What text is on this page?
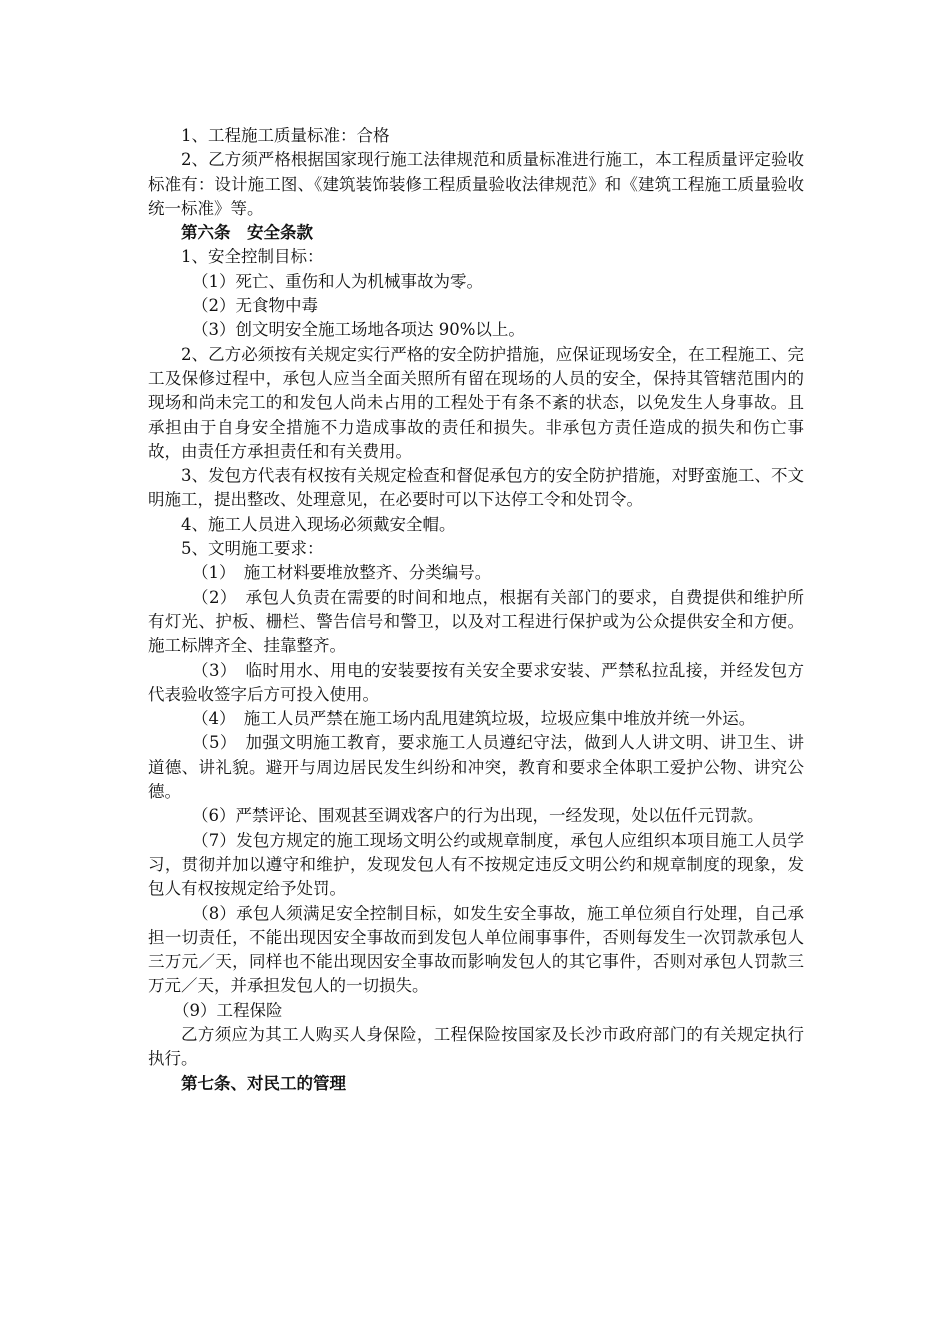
1、工程施工质量标准：合格

2、乙方须严格根据国家现行施工法律规范和质量标准进行施工，本工程质量评定验收标准有：设计施工图、《建筑装饰装修工程质量验收法律规范》和《建筑工程施工质量验收统一标准》等。

第六条　安全条款

1、安全控制目标：

（1）死亡、重伤和人为机械事故为零。

（2）无食物中毒

（3）创文明安全施工场地各项达 90%以上。

2、乙方必须按有关规定实行严格的安全防护措施，应保证现场安全，在工程施工、完工及保修过程中，承包人应当全面关照所有留在现场的人员的安全，保持其管辖范围内的现场和尚未完工的和发包人尚未占用的工程处于有条不紊的状态，以免发生人身事故。且承担由于自身安全措施不力造成事故的责任和损失。非承包方责任造成的损失和伤亡事故，由责任方承担责任和有关费用。

3、发包方代表有权按有关规定检查和督促承包方的安全防护措施，对野蛮施工、不文明施工，提出整改、处理意见，在必要时可以下达停工令和处罚令。

4、施工人员进入现场必须戴安全帽。

5、文明施工要求：

（1）　施工材料要堆放整齐、分类编号。

（2）　承包人负责在需要的时间和地点，根据有关部门的要求，自费提供和维护所有灯光、护板、栅栏、警告信号和警卫，以及对工程进行保护或为公众提供安全和方便。施工标牌齐全、挂靠整齐。

（3）　临时用水、用电的安装要按有关安全要求安装、严禁私拉乱接，并经发包方代表验收签字后方可投入使用。

（4）　施工人员严禁在施工场内乱甩建筑垃圾，垃圾应集中堆放并统一外运。

（5）　加强文明施工教育，要求施工人员遵纪守法，做到人人讲文明、讲卫生、讲道德、讲礼貌。避开与周边居民发生纠纷和冲突，教育和要求全体职工爱护公物、讲究公德。

（6）严禁评论、围观甚至调戏客户的行为出现，一经发现，处以伍仟元罚款。

（7）发包方规定的施工现场文明公约或规章制度，承包人应组织本项目施工人员学习，贯彻并加以遵守和维护，发现发包人有不按规定违反文明公约和规章制度的现象，发包人有权按规定给予处罚。

（8）承包人须满足安全控制目标，如发生安全事故，施工单位须自行处理，自己承担一切责任，不能出现因安全事故而到发包人单位闹事事件，否则每发生一次罚款承包人三万元／天，同样也不能出现因安全事故而影响发包人的其它事件，否则对承包人罚款三万元／天，并承担发包人的一切损失。

（9）工程保险

乙方须应为其工人购买人身保险，工程保险按国家及长沙市政府部门的有关规定执行执行。

第七条、对民工的管理
